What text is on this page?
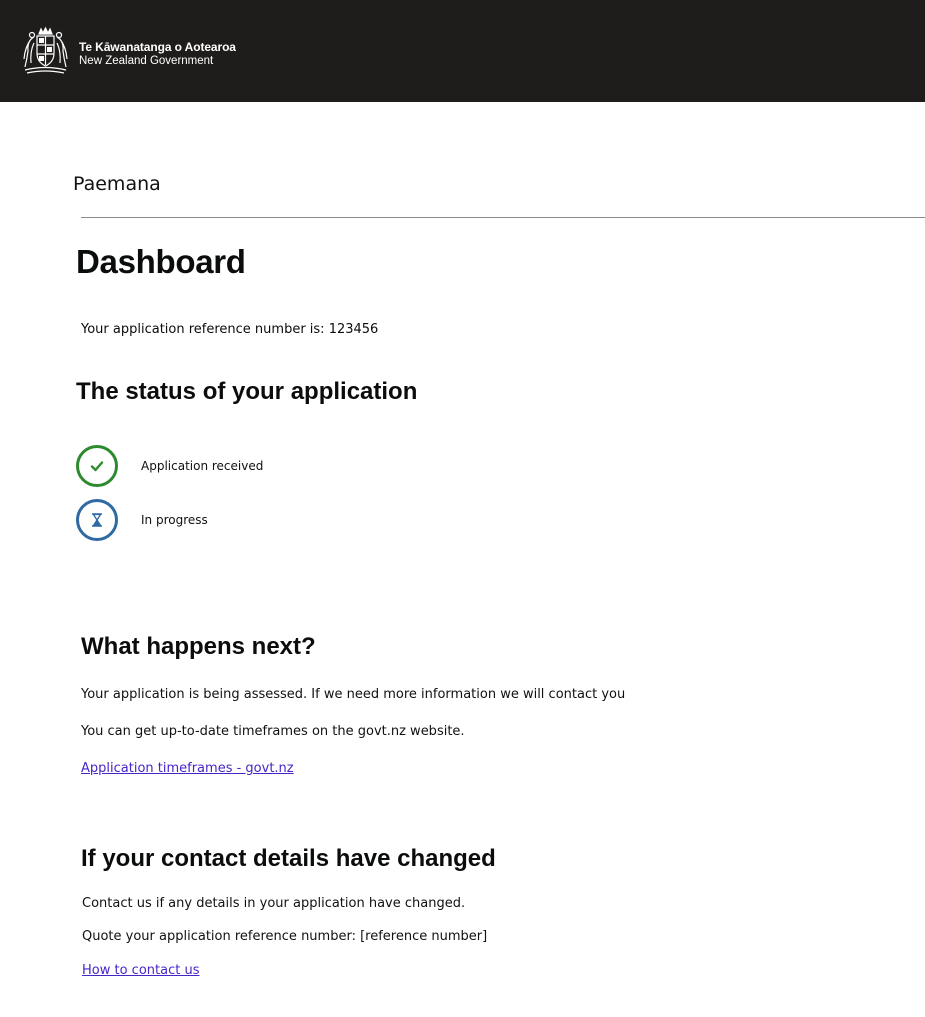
Te Kāwanatanga o Aotearoa
New Zealand Government
Paemana
Dashboard

Your application reference number is: 123456

The status of your application
Application received
In progress
What happens next?

Your application is being assessed. If we need more information we will contact you

You can get up-to-date timeframes on the govt.nz website.

Application timeframes - govt.nz
If your contact details have changed

Contact us if any details in your application have changed.

Quote your application reference number: [reference number]

How to contact us
